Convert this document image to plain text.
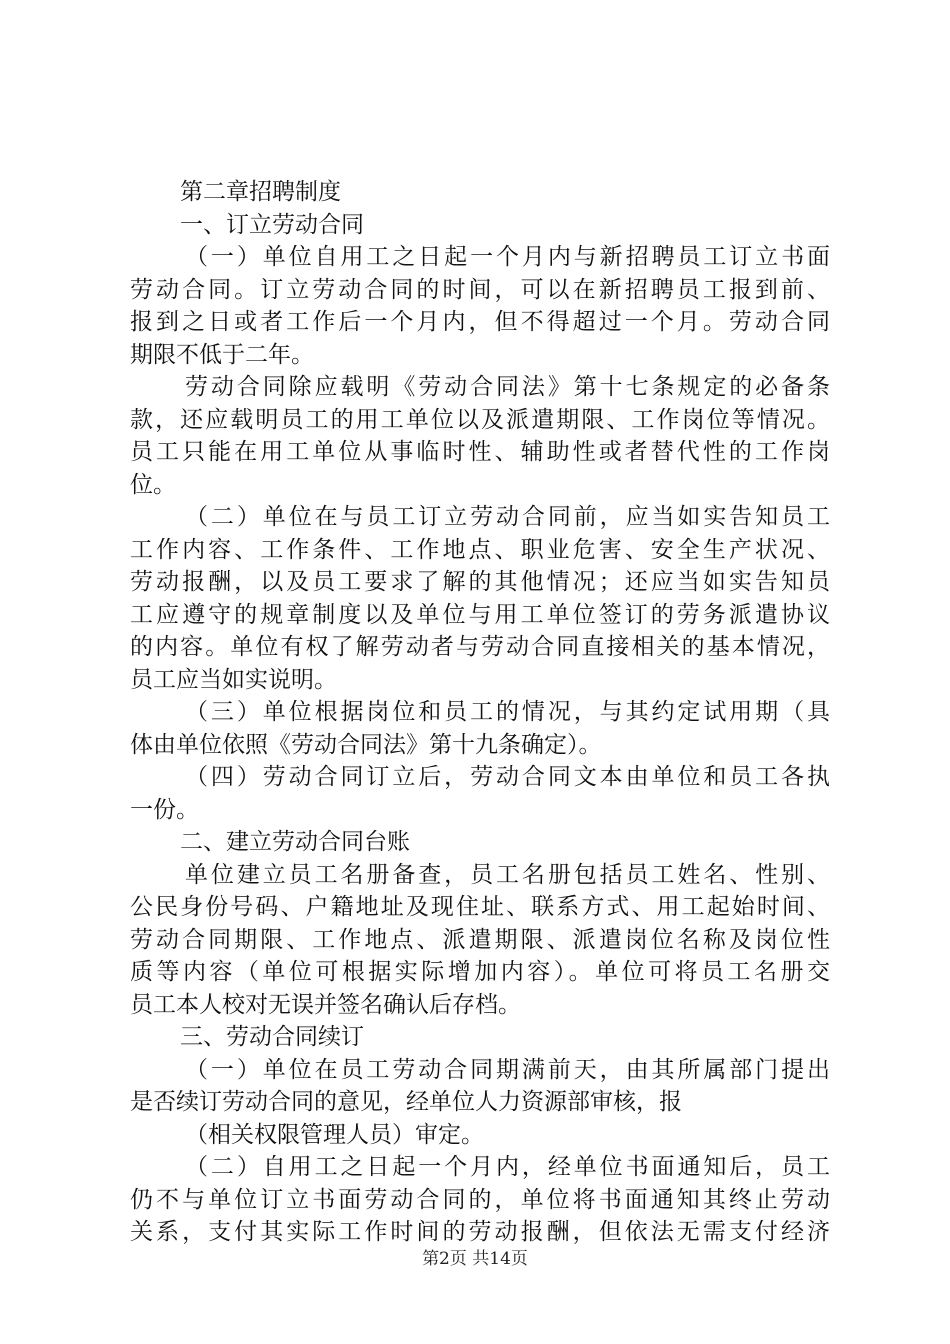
第二章招聘制度
一、订立劳动合同
（一）单位自用工之日起一个月内与新招聘员工订立书面
劳动合同。订立劳动合同的时间，可以在新招聘员工报到前、
报到之日或者工作后一个月内，但不得超过一个月。劳动合同
期限不低于二年。
劳动合同除应载明《劳动合同法》第十七条规定的必备条
款，还应载明员工的用工单位以及派遣期限、工作岗位等情况。
员工只能在用工单位从事临时性、辅助性或者替代性的工作岗
位。
（二）单位在与员工订立劳动合同前，应当如实告知员工
工作内容、工作条件、工作地点、职业危害、安全生产状况、
劳动报酬，以及员工要求了解的其他情况；还应当如实告知员
工应遵守的规章制度以及单位与用工单位签订的劳务派遣协议
的内容。单位有权了解劳动者与劳动合同直接相关的基本情况，
员工应当如实说明。
（三）单位根据岗位和员工的情况，与其约定试用期（具
体由单位依照《劳动合同法》第十九条确定）。
（四）劳动合同订立后，劳动合同文本由单位和员工各执
一份。
二、建立劳动合同台账
单位建立员工名册备查，员工名册包括员工姓名、性别、
公民身份号码、户籍地址及现住址、联系方式、用工起始时间、
劳动合同期限、工作地点、派遣期限、派遣岗位名称及岗位性
质等内容（单位可根据实际增加内容）。单位可将员工名册交
员工本人校对无误并签名确认后存档。
三、劳动合同续订
（一）单位在员工劳动合同期满前天，由其所属部门提出
是否续订劳动合同的意见，经单位人力资源部审核，报
（相关权限管理人员）审定。
（二）自用工之日起一个月内，经单位书面通知后，员工
仍不与单位订立书面劳动合同的，单位将书面通知其终止劳动
关系，支付其实际工作时间的劳动报酬，但依法无需支付经济
第2页 共14页
